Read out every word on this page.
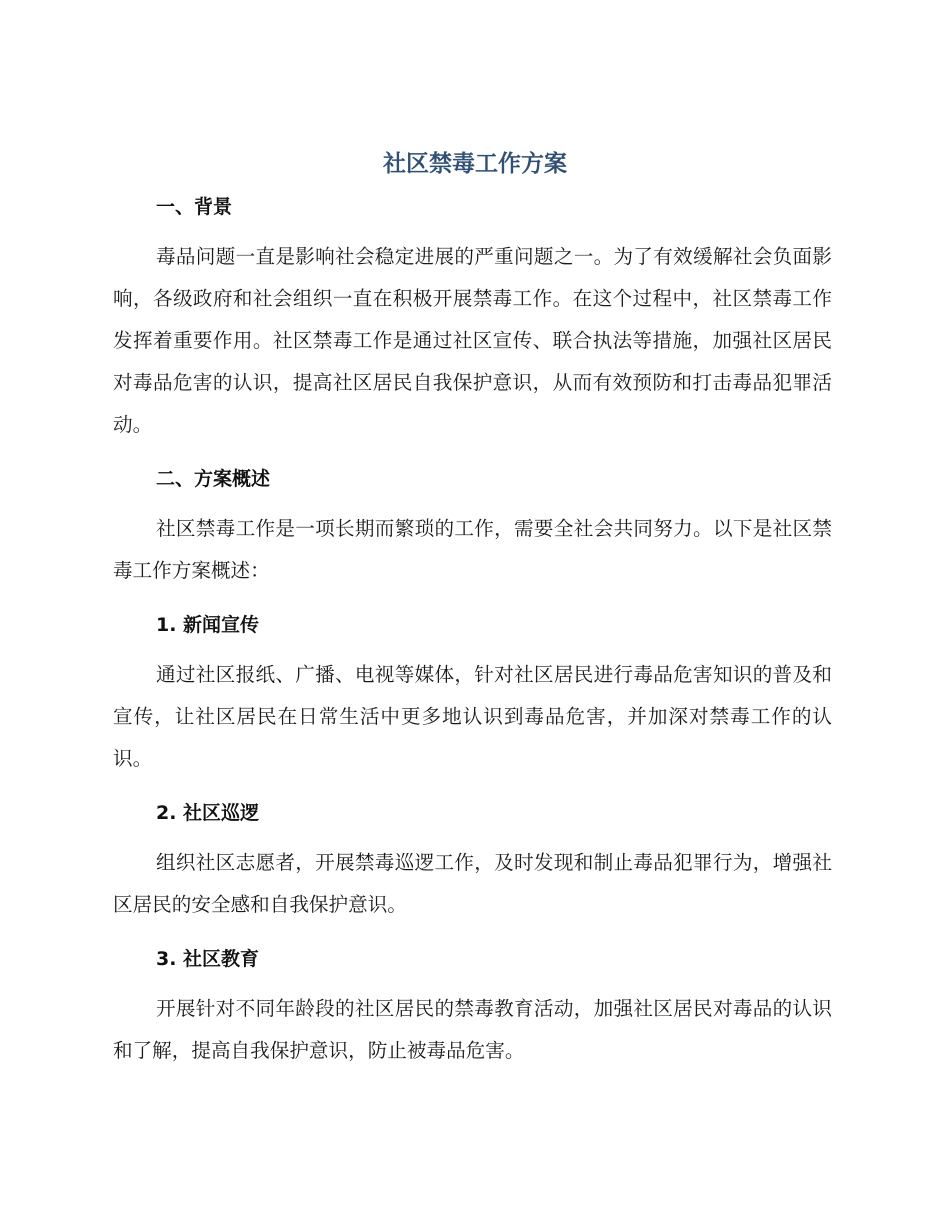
社区禁毒工作方案
一、背景

毒品问题一直是影响社会稳定进展的严重问题之一。为了有效缓解社会负面影响，各级政府和社会组织一直在积极开展禁毒工作。在这个过程中，社区禁毒工作发挥着重要作用。社区禁毒工作是通过社区宣传、联合执法等措施，加强社区居民对毒品危害的认识，提高社区居民自我保护意识，从而有效预防和打击毒品犯罪活动。

二、方案概述

社区禁毒工作是一项长期而繁琐的工作，需要全社会共同努力。以下是社区禁毒工作方案概述：

1. 新闻宣传

通过社区报纸、广播、电视等媒体，针对社区居民进行毒品危害知识的普及和宣传，让社区居民在日常生活中更多地认识到毒品危害，并加深对禁毒工作的认识。

2. 社区巡逻

组织社区志愿者，开展禁毒巡逻工作，及时发现和制止毒品犯罪行为，增强社区居民的安全感和自我保护意识。

3. 社区教育

开展针对不同年龄段的社区居民的禁毒教育活动，加强社区居民对毒品的认识和了解，提高自我保护意识，防止被毒品危害。
